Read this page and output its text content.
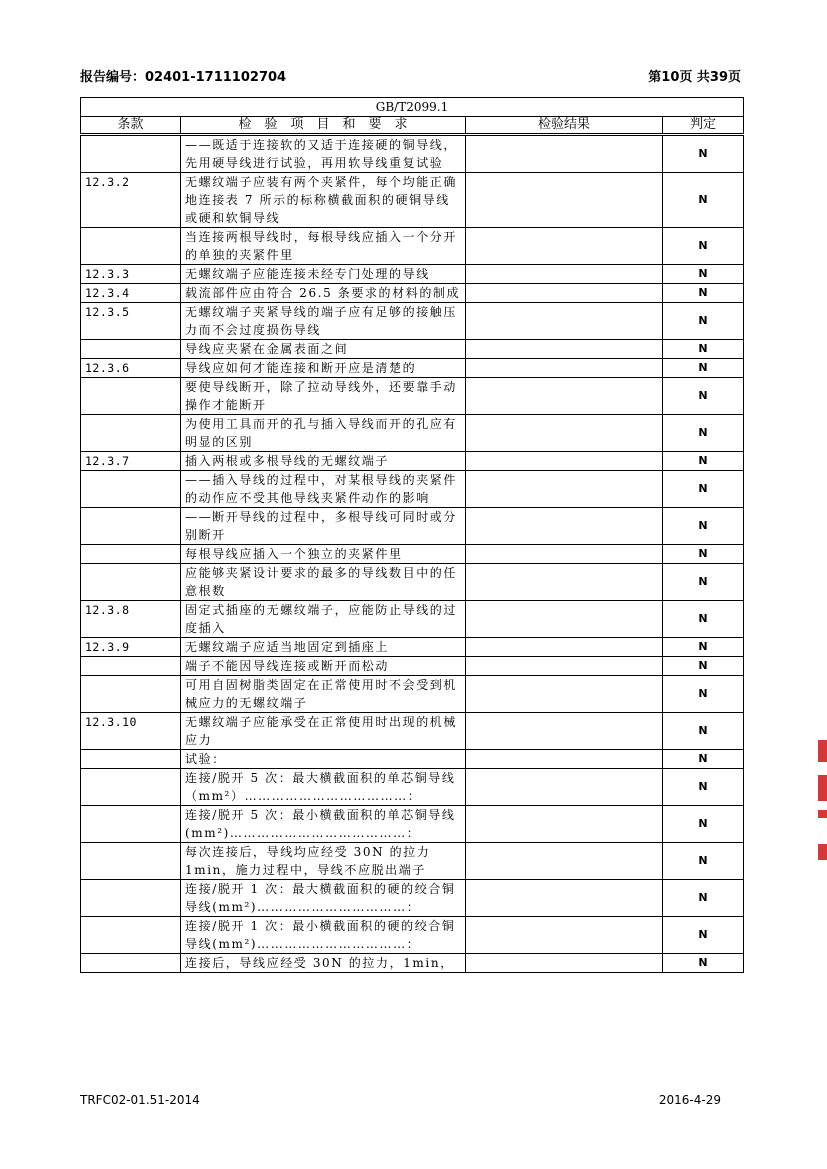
报告编号：02401-1711102704	第10页 共39页
GB/T2099.1			
条款	检　验　项　目　和　要　求	检验结果	判定
	——既适于连接软的又适于连接硬的铜导线，先用硬导线进行试验，再用软导线重复试验		N
12.3.2	无螺纹端子应装有两个夹紧件，每个均能正确地连接表 7 所示的标称横截面积的硬铜导线或硬和软铜导线		N
	当连接两根导线时，每根导线应插入一个分开的单独的夹紧件里		N
12.3.3	无螺纹端子应能连接未经专门处理的导线		N
12.3.4	载流部件应由符合 26.5 条要求的材料的制成		N
12.3.5	无螺纹端子夹紧导线的端子应有足够的接触压力而不会过度损伤导线		N
	导线应夹紧在金属表面之间		N
12.3.6	导线应如何才能连接和断开应是清楚的		N
	要使导线断开，除了拉动导线外，还要靠手动操作才能断开		N
	为使用工具而开的孔与插入导线而开的孔应有明显的区别		N
12.3.7	插入两根或多根导线的无螺纹端子		N
	——插入导线的过程中，对某根导线的夹紧件的动作应不受其他导线夹紧件动作的影响		N
	——断开导线的过程中，多根导线可同时或分别断开		N
	每根导线应插入一个独立的夹紧件里		N
	应能够夹紧设计要求的最多的导线数目中的任意根数		N
12.3.8	固定式插座的无螺纹端子，应能防止导线的过度插入		N
12.3.9	无螺纹端子应适当地固定到插座上		N
	端子不能因导线连接或断开而松动		N
	可用自固树脂类固定在正常使用时不会受到机械应力的无螺纹端子		N
12.3.10	无螺纹端子应能承受在正常使用时出现的机械应力		N
	试验：		N
	连接/脱开 5 次：最大横截面积的单芯铜导线（mm²）………………………………：		N
	连接/脱开 5 次：最小横截面积的单芯铜导线(mm²)…………………………………：		N
	每次连接后，导线均应经受 30N 的拉力 1min，施力过程中，导线不应脱出端子		N
	连接/脱开 1 次：最大横截面积的硬的绞合铜导线(mm²)……………………………：		N
	连接/脱开 1 次：最小横截面积的硬的绞合铜导线(mm²)……………………………：		N
	连接后，导线应经受 30N 的拉力，1min，		N
TRFC02-01.51-2014	2016-4-29
